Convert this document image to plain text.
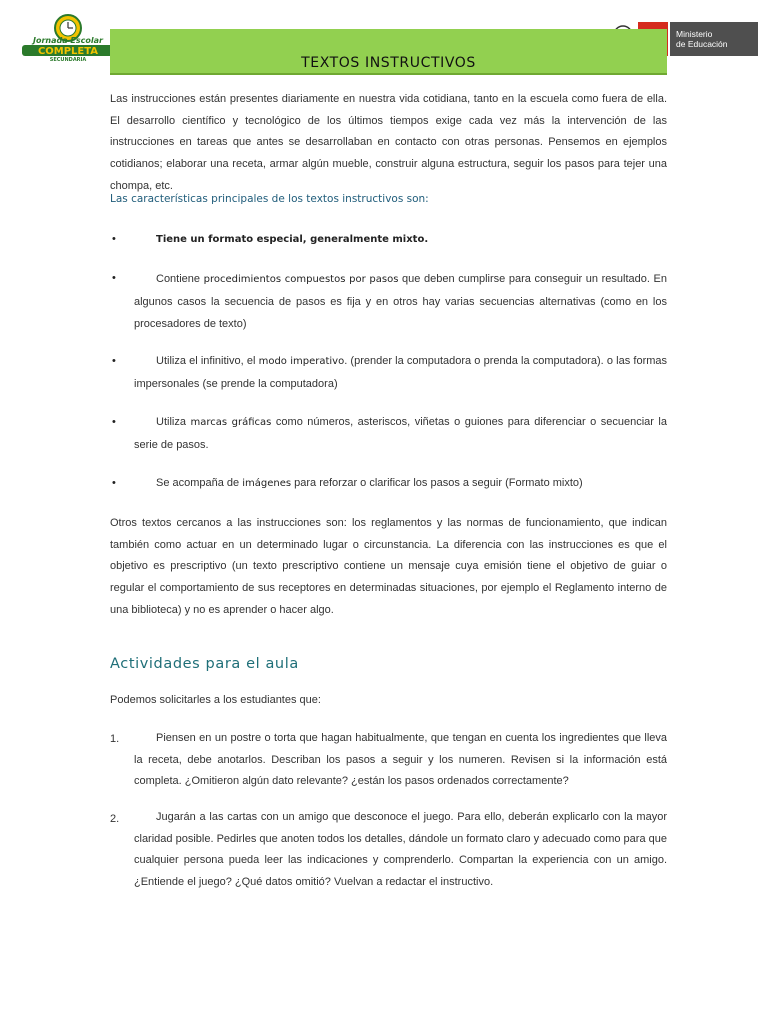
Jornada Escolar
COMPLETA
SECUNDARIA
Ministerio
de Educación
TEXTOS INSTRUCTIVOS
Las instrucciones están presentes diariamente en nuestra vida cotidiana, tanto en la escuela como fuera de ella. El desarrollo científico y tecnológico de los últimos tiempos exige cada vez más la intervención de las instrucciones en tareas que antes se desarrollaban en contacto con otras personas. Pensemos en ejemplos cotidianos; elaborar una receta, armar algún mueble, construir alguna estructura, seguir los pasos para tejer una chompa, etc.
Las características principales de los textos instructivos son:
•	Tiene un formato especial, generalmente mixto.
•	Contiene procedimientos compuestos por pasos que deben cumplirse para conseguir un resultado. En algunos casos la secuencia de pasos es fija y en otros hay varias secuencias alternativas (como en los procesadores de texto)
•	Utiliza el infinitivo, el modo imperativo. (prender la computadora o prenda la computadora). o las formas impersonales (se prende la computadora)
•	Utiliza marcas gráficas como números, asteriscos, viñetas o guiones para diferenciar o secuenciar la serie de pasos.
•	Se acompaña de imágenes para reforzar o clarificar los pasos a seguir (Formato mixto)
Otros textos cercanos a las instrucciones son: los reglamentos y las normas de funcionamiento, que indican también como actuar en un determinado lugar o circunstancia. La diferencia con las instrucciones es que el objetivo es prescriptivo (un texto prescriptivo contiene un mensaje cuya emisión tiene el objetivo de guiar o regular el comportamiento de sus receptores en determinadas situaciones, por ejemplo el Reglamento interno de una biblioteca) y no es aprender o hacer algo.
Actividades para el aula
Podemos solicitarles a los estudiantes que:
1.	Piensen en un postre o torta que hagan habitualmente, que tengan en cuenta los ingredientes que lleva la receta, debe anotarlos. Describan los pasos a seguir y los numeren. Revisen si la información está completa. ¿Omitieron algún dato relevante? ¿están los pasos ordenados correctamente?
2.	Jugarán a las cartas con un amigo que desconoce el juego. Para ello, deberán explicarlo con la mayor claridad posible. Pedirles que anoten todos los detalles, dándole un formato claro y adecuado como para que cualquier persona pueda leer las indicaciones y comprenderlo. Compartan la experiencia con un amigo. ¿Entiende el juego? ¿Qué datos omitió? Vuelvan a redactar el instructivo.
